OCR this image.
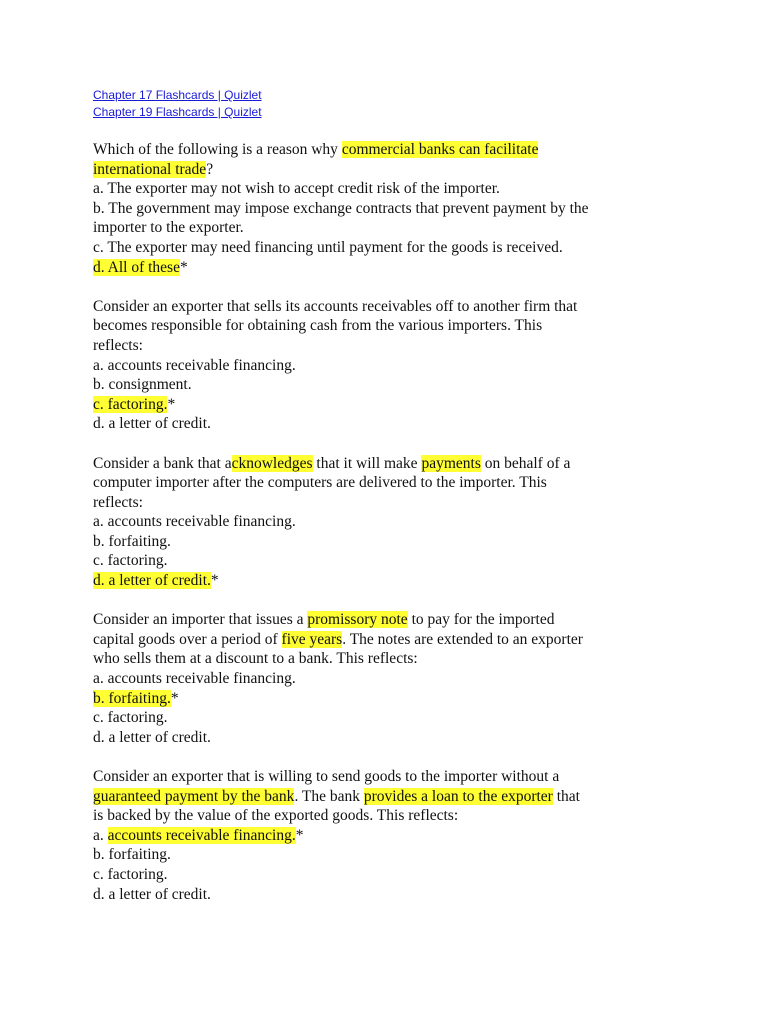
Chapter 17 Flashcards | Quizlet
Chapter 19 Flashcards | Quizlet
Which of the following is a reason why commercial banks can facilitate
international trade?
a. The exporter may not wish to accept credit risk of the importer.
b. The government may impose exchange contracts that prevent payment by the
importer to the exporter.
c. The exporter may need financing until payment for the goods is received.
d. All of these*
Consider an exporter that sells its accounts receivables off to another firm that
becomes responsible for obtaining cash from the various importers. This
reflects:
a. accounts receivable financing.
b. consignment.
c. factoring.*
d. a letter of credit.
Consider a bank that acknowledges that it will make payments on behalf of a
computer importer after the computers are delivered to the importer. This
reflects:
a. accounts receivable financing.
b. forfaiting.
c. factoring.
d. a letter of credit.*
Consider an importer that issues a promissory note to pay for the imported
capital goods over a period of five years. The notes are extended to an exporter
who sells them at a discount to a bank. This reflects:
a. accounts receivable financing.
b. forfaiting.*
c. factoring.
d. a letter of credit.
Consider an exporter that is willing to send goods to the importer without a
guaranteed payment by the bank. The bank provides a loan to the exporter that
is backed by the value of the exported goods. This reflects:
a. accounts receivable financing.*
b. forfaiting.
c. factoring.
d. a letter of credit.
